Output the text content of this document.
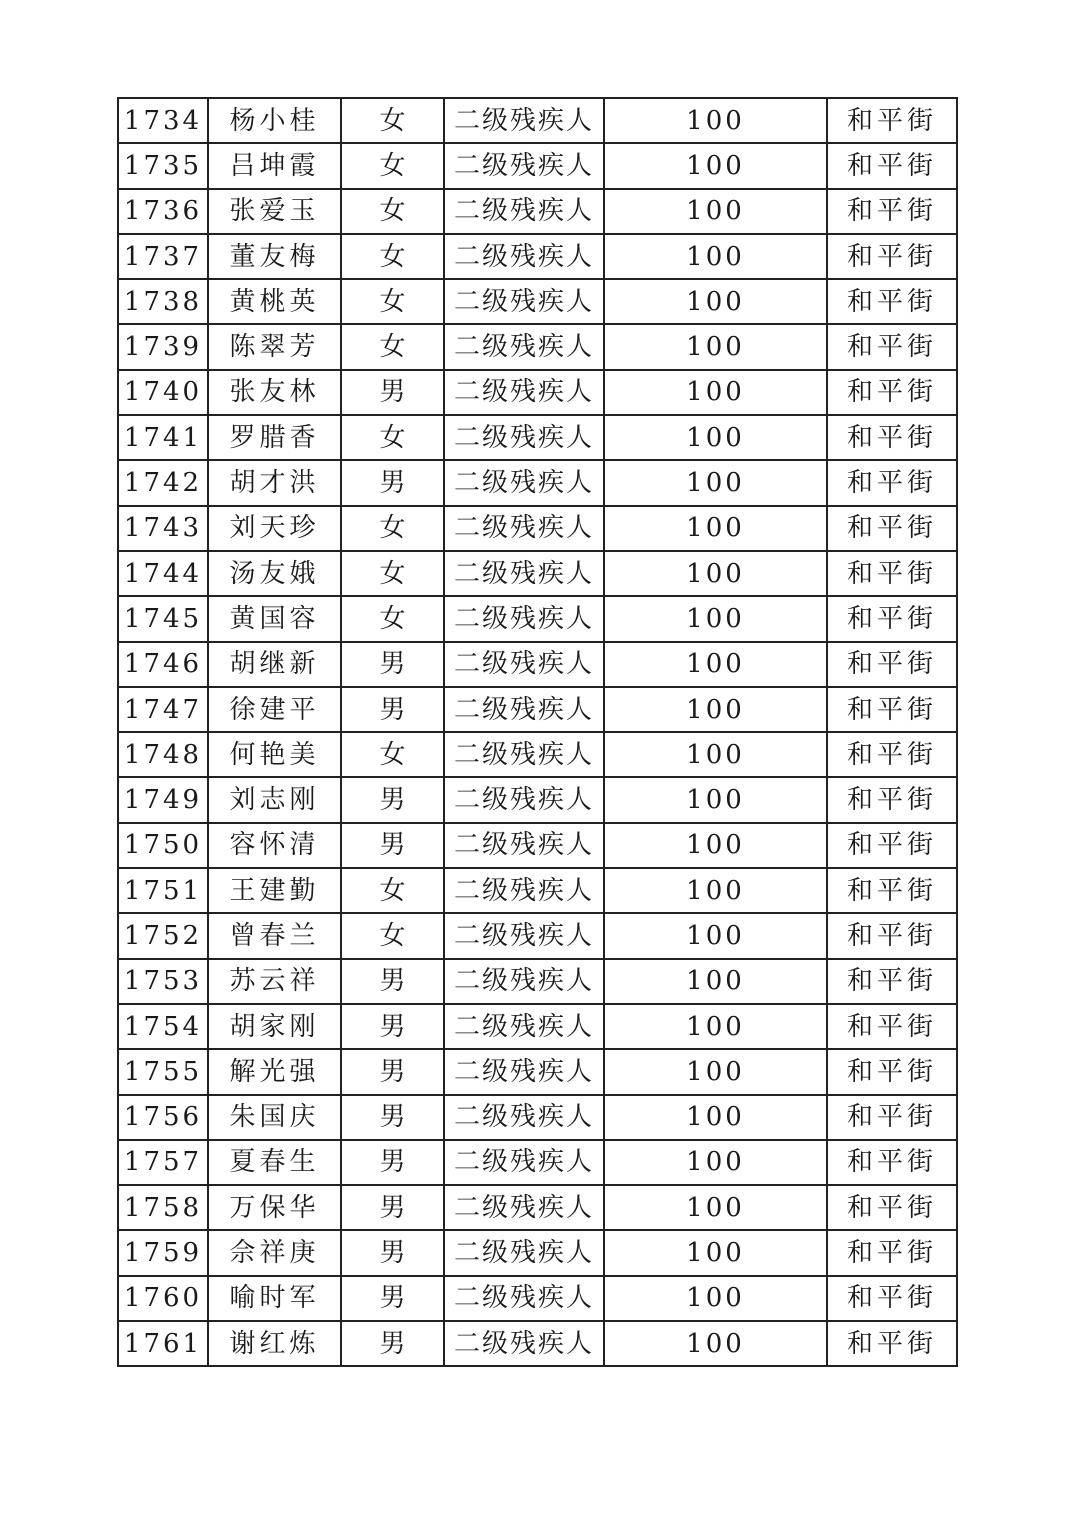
1734	杨小桂	女	二级残疾人	100	和平街
1735	吕坤霞	女	二级残疾人	100	和平街
1736	张爱玉	女	二级残疾人	100	和平街
1737	董友梅	女	二级残疾人	100	和平街
1738	黄桃英	女	二级残疾人	100	和平街
1739	陈翠芳	女	二级残疾人	100	和平街
1740	张友林	男	二级残疾人	100	和平街
1741	罗腊香	女	二级残疾人	100	和平街
1742	胡才洪	男	二级残疾人	100	和平街
1743	刘天珍	女	二级残疾人	100	和平街
1744	汤友娥	女	二级残疾人	100	和平街
1745	黄国容	女	二级残疾人	100	和平街
1746	胡继新	男	二级残疾人	100	和平街
1747	徐建平	男	二级残疾人	100	和平街
1748	何艳美	女	二级残疾人	100	和平街
1749	刘志刚	男	二级残疾人	100	和平街
1750	容怀清	男	二级残疾人	100	和平街
1751	王建勤	女	二级残疾人	100	和平街
1752	曾春兰	女	二级残疾人	100	和平街
1753	苏云祥	男	二级残疾人	100	和平街
1754	胡家刚	男	二级残疾人	100	和平街
1755	解光强	男	二级残疾人	100	和平街
1756	朱国庆	男	二级残疾人	100	和平街
1757	夏春生	男	二级残疾人	100	和平街
1758	万保华	男	二级残疾人	100	和平街
1759	佘祥庚	男	二级残疾人	100	和平街
1760	喻时军	男	二级残疾人	100	和平街
1761	谢红炼	男	二级残疾人	100	和平街
